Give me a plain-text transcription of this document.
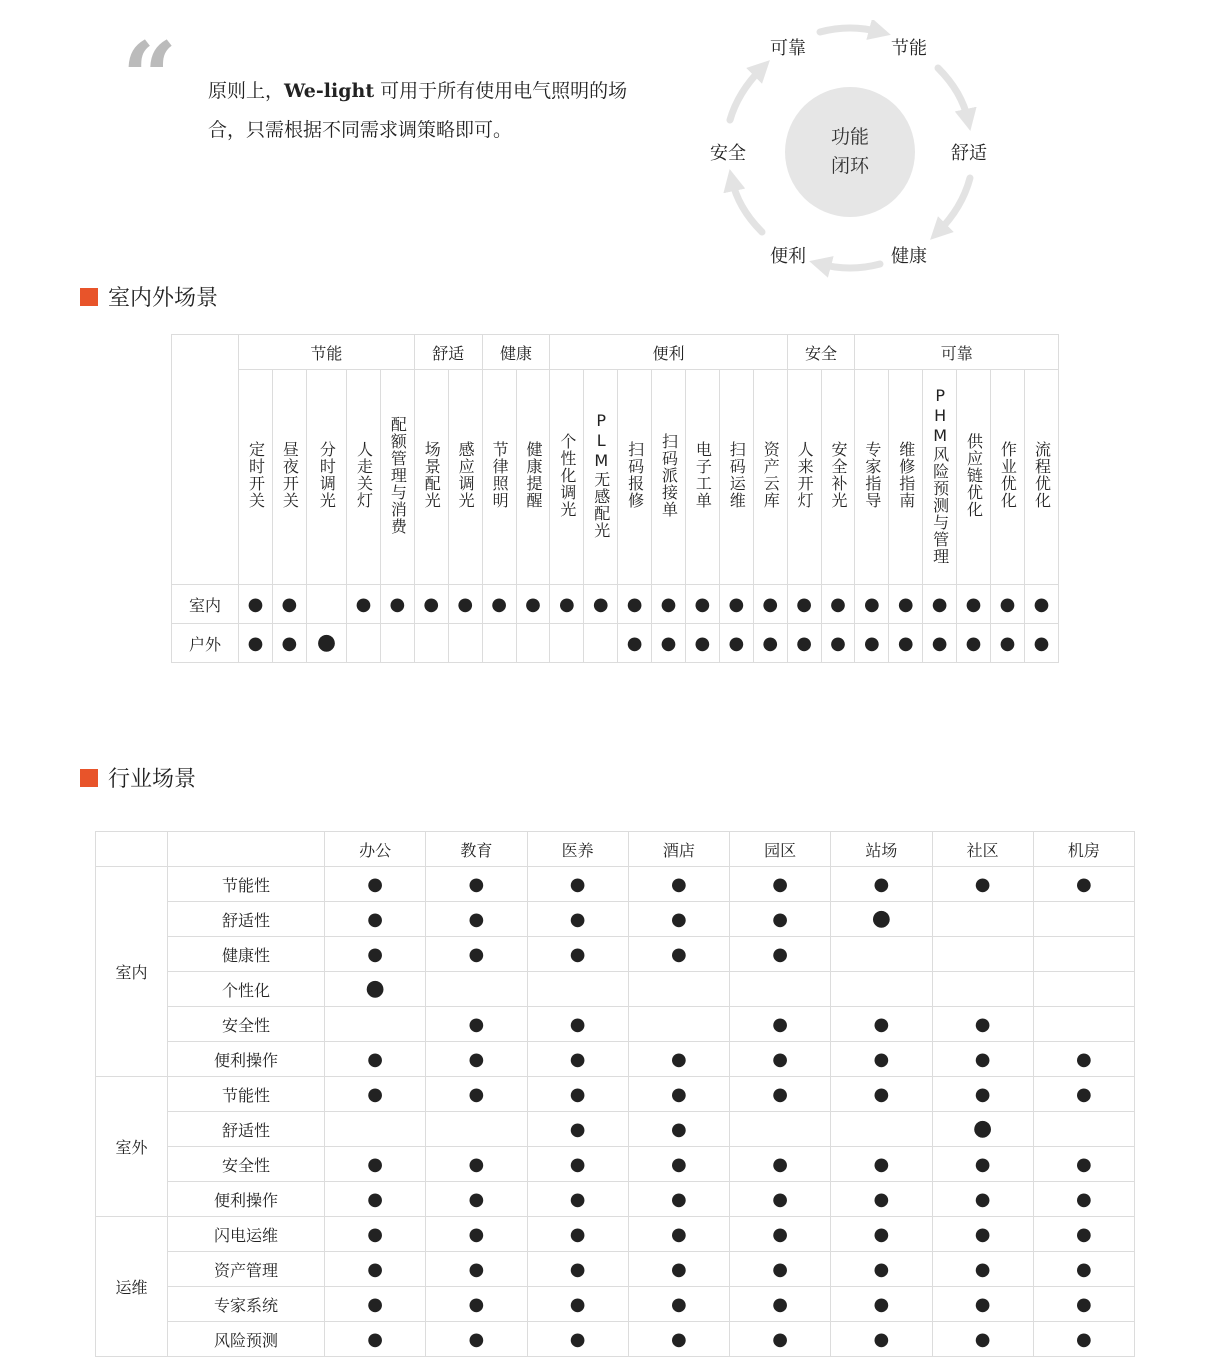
“ 原则上，We-light 可用于所有使用电气照明的场合，只需根据不同需求调策略即可。	功能
闭环
可靠	节能
舒适
健康
便利
安全
室内外场景
	节能					舒适		健康		便利							安全		可靠					
	定时开关	昼夜开关	分时调光	人走关灯	配额管理与消费	场景配光	感应调光	节律照明	健康提醒	个性化调光	PLM无感配光	扫码报修	扫码派接单	电子工单	扫码运维	资产云库	人来开灯	安全补光	专家指导	维修指南	PHM风险预测与管理	供应链优化	作业优化	流程优化
室内	●	●		●	●	●	●	●	●	●	●	●	●	●	●	●	●	●	●	●	●	●	●	●
户外	●	●	●									●	●	●	●	●	●	●	●	●	●	●	●	●
行业场景
		办公	教育	医养	酒店	园区	站场	社区	机房
室内	节能性	●	●	●	●	●	●	●	●
	舒适性	●	●	●	●	●	●		
	健康性	●	●	●	●	●			
	个性化	●							
	安全性		●	●		●	●	●	
	便利操作	●	●	●	●	●	●	●	●
室外	节能性	●	●	●	●	●	●	●	●
	舒适性			●	●			●	
	安全性	●	●	●	●	●	●	●	●
	便利操作	●	●	●	●	●	●	●	●
运维	闪电运维	●	●	●	●	●	●	●	●
	资产管理	●	●	●	●	●	●	●	●
	专家系统	●	●	●	●	●	●	●	●
	风险预测	●	●	●	●	●	●	●	●
